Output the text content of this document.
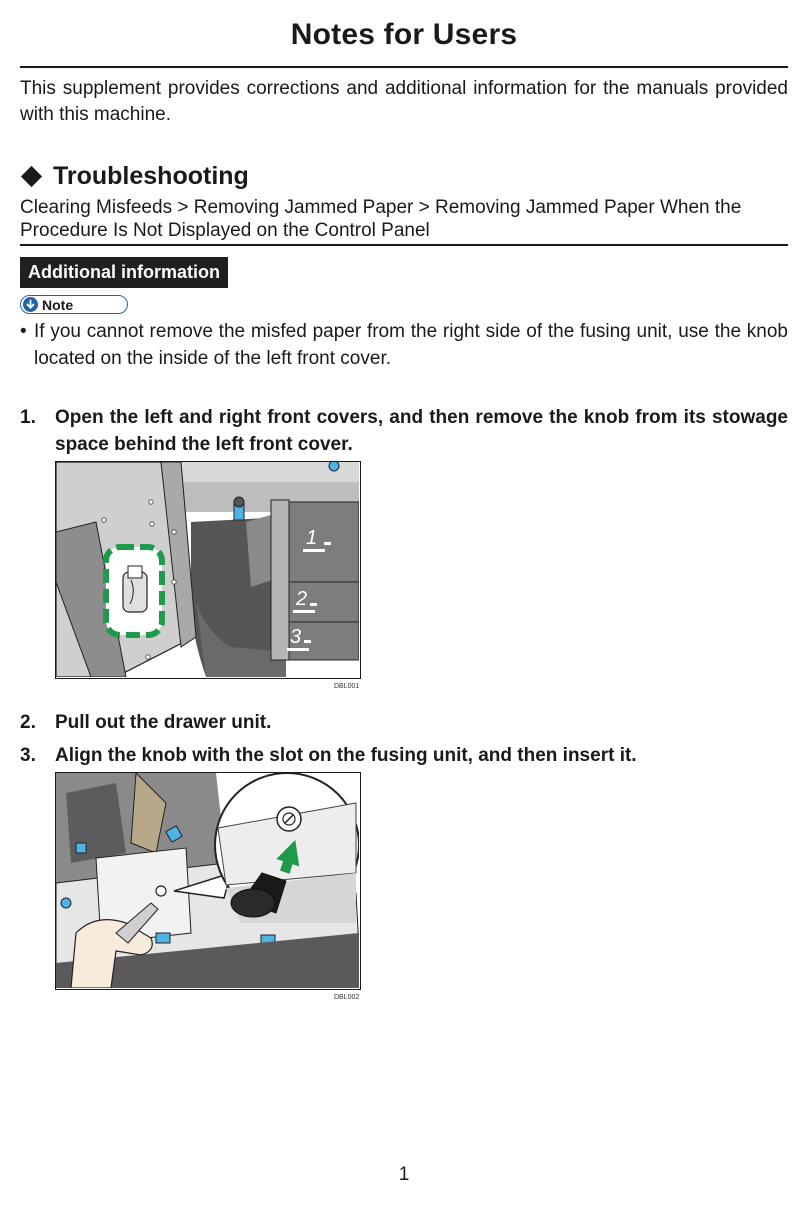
Notes for Users
This supplement provides corrections and additional information for the manuals provided with this machine.
Troubleshooting
Clearing Misfeeds > Removing Jammed Paper > Removing Jammed Paper When the Procedure Is Not Displayed on the Control Panel
Additional information
Note
• If you cannot remove the misfed paper from the right side of the fusing unit, use the knob located on the inside of the left front cover.
1.	Open the left and right front covers, and then remove the knob from its stowage space behind the left front cover.
1
2
3
DBL001
2.	Pull out the drawer unit.
3.	Align the knob with the slot on the fusing unit, and then insert it.
DBL002
1
